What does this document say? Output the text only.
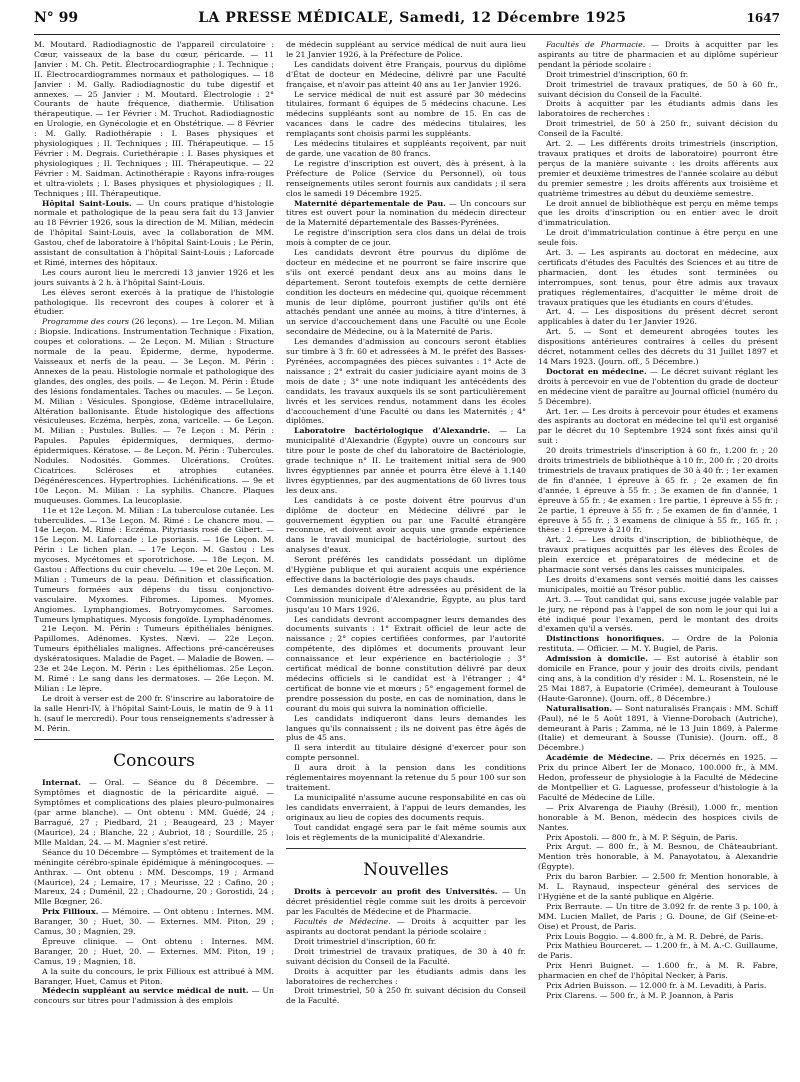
N° 99	LA PRESSE MÉDICALE, Samedi, 12 Décembre 1925	1647

M. Moutard. Radiodiagnostic de l'appareil circulatoire : Cœur, vaisseaux de la base du cœur, péricarde. — 11 Janvier : M. Ch. Petit. Électrocardiographie ; I. Technique ; II. Électrocardiogrammes normaux et pathologiques. — 18 Janvier : M. Gally. Radiodiagnostic du tube digestif et annexes. — 25 Janvier : M. Moutard. Électrologie : 2° Courants de haute fréquence, diathermie. Utilisation thérapeutique. — 1er Février : M. Truchot. Radiodiagnostic en Urologie, en Gynécologie et en Obstétrique. — 8 Février : M. Gally. Radiothérapie : I. Bases physiques et physiologiques ; II. Techniques ; III. Thérapeutique. — 15 Février : M. Degrais. Curiethérapie : I. Bases physiques et physiologiques ; II. Techniques ; III. Thérapeutique. — 22 Février : M. Saidman. Actinothérapie : Rayons infra-rouges et ultra-violets ; I. Bases physiques et physiologiques ; II. Techniques ; III. Thérapeutique.

Hôpital Saint-Louis. — Un cours pratique d'histologie normale et pathologique de la peau sera fait du 13 Janvier au 18 Février 1926, sous la direction de M. Milian, médecin de l'hôpital Saint-Louis, avec la collaboration de MM. Gastou, chef de laboratoire à l'hôpital Saint-Louis ; Le Périn, assistant de consultation à l'hôpital Saint-Louis ; Laforcade et Rimé, internes des hôpitaux.

Les cours auront lieu le mercredi 13 janvier 1926 et les jours suivants à 2 h. à l'hôpital Saint-Louis.

Les élèves seront exercés à la pratique de l'histologie pathologique. Ils recevront des coupes à colorer et à étudier.

Programme des cours (26 leçons). — 1re Leçon. M. Milian : Biopsie. Indications. Instrumentation Technique : Fixation, coupes et colorations. — 2e Leçon. M. Milian : Structure normale de la peau. Épiderme, derme, hypoderme. Vaisseaux et nerfs de la peau. — 3e Leçon. M. Périn : Annexes de la peau. Histologie normale et pathologique des glandes, des ongles, des poils. — 4e Leçon. M. Périn : Étude des lésions fondamentales. Taches ou macules. — 5e Leçon. M. Milian : Vésicules. Spongiose, Œdème intracellulaire, Altération ballonisante. Étude histologique des affections vésiculeuses. Eczéma, herpès, zona, varicelle. — 6e Leçon. M. Milian : Pustules. Bulles. — 7e Leçon : M. Périn : Papules. Papules épidermiques, dermiques, dermo-épidermiques. Kératose. — 8e Leçon. M. Périn : Tubercules. Nodules. Nodosités. Gommes. Ulcérations. Croûtes. Cicatrices. Scléroses et atrophies cutanées. Dégénérescences. Hypertrophies. Lichénifications. — 9e et 10e Leçon. M. Milian : La syphilis. Chancre. Plaques muqueuses. Gommes. La leucoplasie.

11e et 12e Leçon. M. Milian : La tuberculose cutanée. Les tuberculides. — 13e Leçon. M. Rimé : Le chancre mou. — 14e Leçon. M. Rimé : Eczéma. Pityriasis rosé de Gibert. — 15e Leçon. M. Laforcade : Le psoriasis. — 16e Leçon. M. Périn : Le lichen plan. — 17e Leçon. M. Gastou : Les mycoses. Mycétomes et sporotrichose. — 18e Leçon. M. Gastou : Affections du cuir chevelu. — 19e et 20e Leçon. M. Milian : Tumeurs de la peau. Définition et classification. Tumeurs formées aux dépens du tissu conjonctivo-vasculaire. Myxomes. Fibromes. Lipomes. Myomes. Angiomes. Lymphangiomes. Botryomycomes. Sarcomes. Tumeurs lymphatiques. Mycosis fongoïde. Lymphadénomes.

21e Leçon. M. Périn : Tumeurs épithéliales bénignes. Papillomes. Adénomes. Kystes. Nævi. — 22e Leçon. Tumeurs épithéliales malignes. Affections pré-cancéreuses dyskératosiques. Maladie de Paget. — Maladie de Bowen. — 23e et 24e Leçon. M. Périn : Les épithéliomas. 25e Leçon. M. Rimé : Le sang dans les dermatoses. — 26e Leçon. M. Milian : Le lèpre.

Le droit à verser est de 200 fr. S'inscrire au laboratoire de la salle Henri-IV, à l'hôpital Saint-Louis, le matin de 9 à 11 h. (sauf le mercredi). Pour tous renseignements s'adresser à M. Périn.

Concours

Internat. — Oral. — Séance du 8 Décembre. — Symptômes et diagnostic de la péricardite aiguë. — Symptômes et complications des plaies pleuro-pulmonaires (par arme blanche). — Ont obtenu : MM. Guédé, 24 ; Barragué, 27 ; Piedbard, 21 ; Beaugeard, 23 ; Mayer (Maurice), 24 ; Blanche, 22 ; Aubriot, 18 ; Sourdille, 25 ; Mlle Maldan, 24. — M. Magnier s'est retiré.

Séance du 10 Décembre — Symptômes et traitement de la méningite cérébro-spinale épidémique à méningocoques. — Anthrax. — Ont obtenu : MM. Descomps, 19 ; Armand (Maurice), 24 ; Lemaire, 17 ; Meurisse, 22 ; Cafino, 20 ; Mareux, 24 ; Duménil, 22 ; Chadourne, 20 ; Gorostidi, 24 ; Mlle Bœgner, 26.

Prix Fillioux. — Mémoire. — Ont obtenu : Internes. MM. Baranger, 30 ; Huet, 30. — Externes. MM. Piton, 29 ; Camus, 30 ; Magnien, 29.

Épreuve clinique. — Ont obtenu : Internes. MM. Baranger, 20 ; Huet, 20. — Externes. MM. Piton, 19 ; Camus, 19 ; Magnien, 18.

A la suite du concours, le prix Fillioux est attribué à MM. Baranger, Huet, Camus et Piton.

Médecin suppléant au service médical de nuit. — Un concours sur titres pour l'admission à des emplois

de médecin suppléant au service médical de nuit aura lieu le 21 Janvier 1926, à la Préfecture de Police.

Les candidats doivent être Français, pourvus du diplôme d'État de docteur en Médecine, délivré par une Faculté française, et n'avoir pas atteint 40 ans au 1er Janvier 1926.

Le service médical de nuit est assuré par 30 médecins titulaires, formant 6 équipes de 5 médecins chacune. Les médecins suppléants sont au nombre de 15. En cas de vacances dans le cadre des médecins titulaires, les remplaçants sont choisis parmi les suppléants.

Les médecins titulaires et suppléants reçoivent, par nuit de garde, une vacation de 80 francs.

Le registre d'inscription est ouvert, dès à présent, à la Préfecture de Police (Service du Personnel), où tous renseignements utiles seront fournis aux candidats ; il sera clos le samedi 19 Décembre 1925.

Maternité départementale de Pau. — Un concours sur titres est ouvert pour la nomination du médecin directeur de la Maternité départementale des Basses-Pyrénées.

Le registre d'inscription sera clos dans un délai de trois mois à compter de ce jour.

Les candidats devront être pourvus du diplôme de docteur en médecine et ne pourront se faire inscrire que s'ils ont exercé pendant deux ans au moins dans le département. Seront toutefois exempts de cette dernière condition les docteurs en médecine qui, quoique récemment munis de leur diplôme, pourront justifier qu'ils ont été attachés pendant une année au moins, à titre d'internes, à un service d'accouchement dans une Faculté ou une École secondaire de Médecine, ou à la Maternité de Paris.

Les demandes d'admission au concours seront établies sur timbre à 3 fr. 60 et adressées à M. le préfet des Basses-Pyrénées, accompagnées des pièces suivantes : 1° Acte de naissance ; 2° extrait du casier judiciaire ayant moins de 3 mois de date ; 3° une note indiquant les antécédents des candidats, les travaux auxquels ils se sont particulièrement livrés et les services rendus, notamment dans les écoles d'accouchement d'une Faculté ou dans les Maternités ; 4° diplômes.

Laboratoire bactériologique d'Alexandrie. — La municipalité d'Alexandrie (Égypte) ouvre un concours sur titre pour le poste de chef du laboratoire de Bactériologie, grade technique n° II. Le traitement initial sera de 900 livres égyptiennes par année et pourra être élevé à 1.140 livres égyptiennes, par des augmentations de 60 livres tous les deux ans.

Les candidats à ce poste doivent être pourvus d'un diplôme de docteur en Médecine délivré par le gouvernement égyptien ou par une Faculté étrangère reconnue, et doivent avoir acquis une grande expérience dans le travail municipal de bactériologie, surtout des analyses d'eaux.

Seront préférés les candidats possédant un diplôme d'Hygiène publique et qui auraient acquis une expérience effective dans la bactériologie des pays chauds.

Les demandes doivent être adressées au président de la Commission municipale d'Alexandrie, Égypte, au plus tard jusqu'au 10 Mars 1926.

Les candidats devront accompagner leurs demandes des documents suivants : 1° Extrait officiel de leur acte de naissance ; 2° copies certifiées conformes, par l'autorité compétente, des diplômes et documents prouvant leur connaissance et leur expérience en bactériologie ; 3° certificat médical de bonne constitution délivré par deux médecins officiels si le candidat est à l'étranger ; 4° certificat de bonne vie et mœurs ; 5° engagement formel de prendre possession du poste, en cas de nomination, dans le courant du mois qui suivra la nomination officielle.

Les candidats indiqueront dans leurs demandes les langues qu'ils connaissent ; ils ne doivent pas être âgés de plus de 45 ans.

Il sera interdit au titulaire désigné d'exercer pour son compte personnel.

Il aura droit à la pension dans les conditions réglementaires moyennant la retenue du 5 pour 100 sur son traitement.

La municipalité n'assume aucune responsabilité en cas où les candidats enverraient, à l'appui de leurs demandes, les originaux au lieu de copies des documents requis.

Tout candidat engagé sera par le fait même soumis aux lois et règlements de la municipalité d'Alexandrie.

Nouvelles

Droits à percevoir au profit des Universités. — Un décret présidentiel règle comme suit les droits à percevoir par les Facultés de Médecine et de Pharmacie.

Facultés de Médecine. — Droits à acquitter par les aspirants au doctorat pendant la période scolaire :

Droit trimestriel d'inscription, 60 fr.

Droit trimestriel de travaux pratiques, de 30 à 40 fr. suivant décision du Conseil de la Faculté.

Droits à acquitter par les étudiants admis dans les laboratoires de recherches :

Droit trimestriel, 50 à 250 fr. suivant décision du Conseil de la Faculté.

Facultés de Pharmacie. — Droits à acquitter par les aspirants au titre de pharmacien et au diplôme supérieur pendant la période scolaire :

Droit trimestriel d'inscription, 60 fr.

Droit trimestriel de travaux pratiques, de 50 à 60 fr., suivant décision du Conseil de la Faculté.

Droits à acquitter par les étudiants admis dans les laboratoires de recherches :

Droit trimestriel, de 50 à 250 fr., suivant décision du Conseil de la Faculté.

Art. 2. — Les différents droits trimestriels (inscription, travaux pratiques et droits de laboratoire) pourront être perçus de la manière suivante : les droits afférents aux premier et deuxième trimestres de l'année scolaire au début du premier semestre ; les droits afférents aux troisième et quatrième trimestres au début du deuxième semestre.

Le droit annuel de bibliothèque est perçu en même temps que les droits d'inscription ou en entier avec le droit d'immatriculation.

Le droit d'immatriculation continue à être perçu en une seule fois.

Art. 3. — Les aspirants au doctorat en médecine, aux certificats d'études des Facultés des Sciences et au titre de pharmacien, dont les études sont terminées ou interrompues, sont tenus, pour être admis aux travaux pratiques réglementaires, d'acquitter le même droit de travaux pratiques que les étudiants en cours d'études.

Art. 4. — Les dispositions du présent décret seront applicables à dater du 1er Janvier 1926.

Art. 5. — Sont et demeurent abrogées toutes les dispositions antérieures contraires à celles du présent décret, notamment celles des décrets du 31 Juillet 1897 et 14 Mars 1923. (Journ. off., 5 Décembre.)

Doctorat en médecine. — Le décret suivant réglant les droits à percevoir en vue de l'obtention du grade de docteur en médecine vient de paraître au Journal officiel (numéro du 5 Décembre).

Art. 1er. — Les droits à percevoir pour études et examens des aspirants au doctorat en médecine tel qu'il est organisé par le décret du 10 Septembre 1924 sont fixés ainsi qu'il suit :

20 droits trimestriels d'inscription à 60 fr., 1.200 fr. ; 20 droits trimestriels de bibliothèque à 10 fr., 200 fr. ; 20 droits trimestriels de travaux pratiques de 30 à 40 fr. ; 1er examen de fin d'année, 1 épreuve à 65 fr. ; 2e examen de fin d'année, 1 épreuve à 55 fr. ; 3e examen de fin d'année, 1 épreuve à 55 fr. ; 4e examen : 1re partie, 1 épreuve à 55 fr. ; 2e partie, 1 épreuve à 55 fr. ; 5e examen de fin d'année, 1 épreuve à 55 fr. ; 3 examens de clinique à 55 fr., 165 fr. ; thèse : 1 épreuve à 210 fr.

Art. 2. — Les droits d'inscription, de bibliothèque, de travaux pratiques acquittés par les élèves des Écoles de plein exercice et préparatoires de médecine et de pharmacie sont versés dans les caisses municipales.

Les droits d'examens sont versés moitié dans les caisses municipales, moitié au Trésor public.

Art. 3. — Tout candidat qui, sans excuse jugée valable par le jury, ne répond pas à l'appel de son nom le jour qui lui a été indiqué pour l'examen, perd le montant des droits d'examen qu'il a versés.

Distinctions honorifiques. — Ordre de la Polonia restituta. — Officier. — M. Y. Bugiel, de Paris.

Admission à domicile. — Est autorisé à établir son domicile en France, pour y jouir des droits civils, pendant cinq ans, à la condition d'y résider : M. L. Rosenstein, né le 25 Mai 1887, à Eupatorie (Crimée), demeurant à Toulouse (Haute-Garonne). (Journ. off., 8 Décembre.)

Naturalisation. — Sont naturalisés Français : MM. Schiff (Paul), né le 5 Août 1891, à Vienne-Dorobach (Autriche), demeurant à Paris ; Zamma, né le 13 Juin 1869, à Palerme (Italie) et demeurant à Sousse (Tunisie). (Journ. off., 8 Décembre.)

Académie de Médecine. — Prix décernés en 1925. — Prix du prince Albert Ier de Monaco, 100.000 fr., à MM. Hedon, professeur de physiologie à la Faculté de Médecine de Montpellier et G. Laguesse, professeur d'histologie à la Faculté de Médecine de Lille.

— Prix Alvarenga de Piauhy (Brésil), 1.000 fr., mention honorable à M. Benon, médecin des hospices civils de Nantes.

Prix Apostoli. — 800 fr., à M. P. Séguin, de Paris.

Prix Argut. — 800 fr., à M. Besnou, de Châteaubriant. Mention très honorable, à M. Panayotatou, à Alexandrie (Égypte).

Prix du baron Barbier. — 2.500 fr. Mention honorable, à M. L. Raynaud, inspecteur général des services de l'Hygiène et de la santé publique en Algérie.

Prix Berraute. — Un titre de 3.092 fr. de rente 3 p. 100, à MM. Lucien Mallet, de Paris ; G. Doune, de Gif (Seine-et-Oise) et Proust, de Paris.

Prix Louis Boggio. — 4.800 fr., à M. R. Debré, de Paris.

Prix Mathieu Bourceret. — 1.200 fr., à M. A.-C. Guillaume, de Paris.

Prix Henri Buignet. — 1.600 fr., à M. R. Fabre, pharmacien en chef de l'hôpital Necker, à Paris.

Prix Adrien Buisson. — 12.000 fr. à M. Levaditi, à Paris.

Prix Clarens. — 500 fr., à M. P. Joannon, à Paris
